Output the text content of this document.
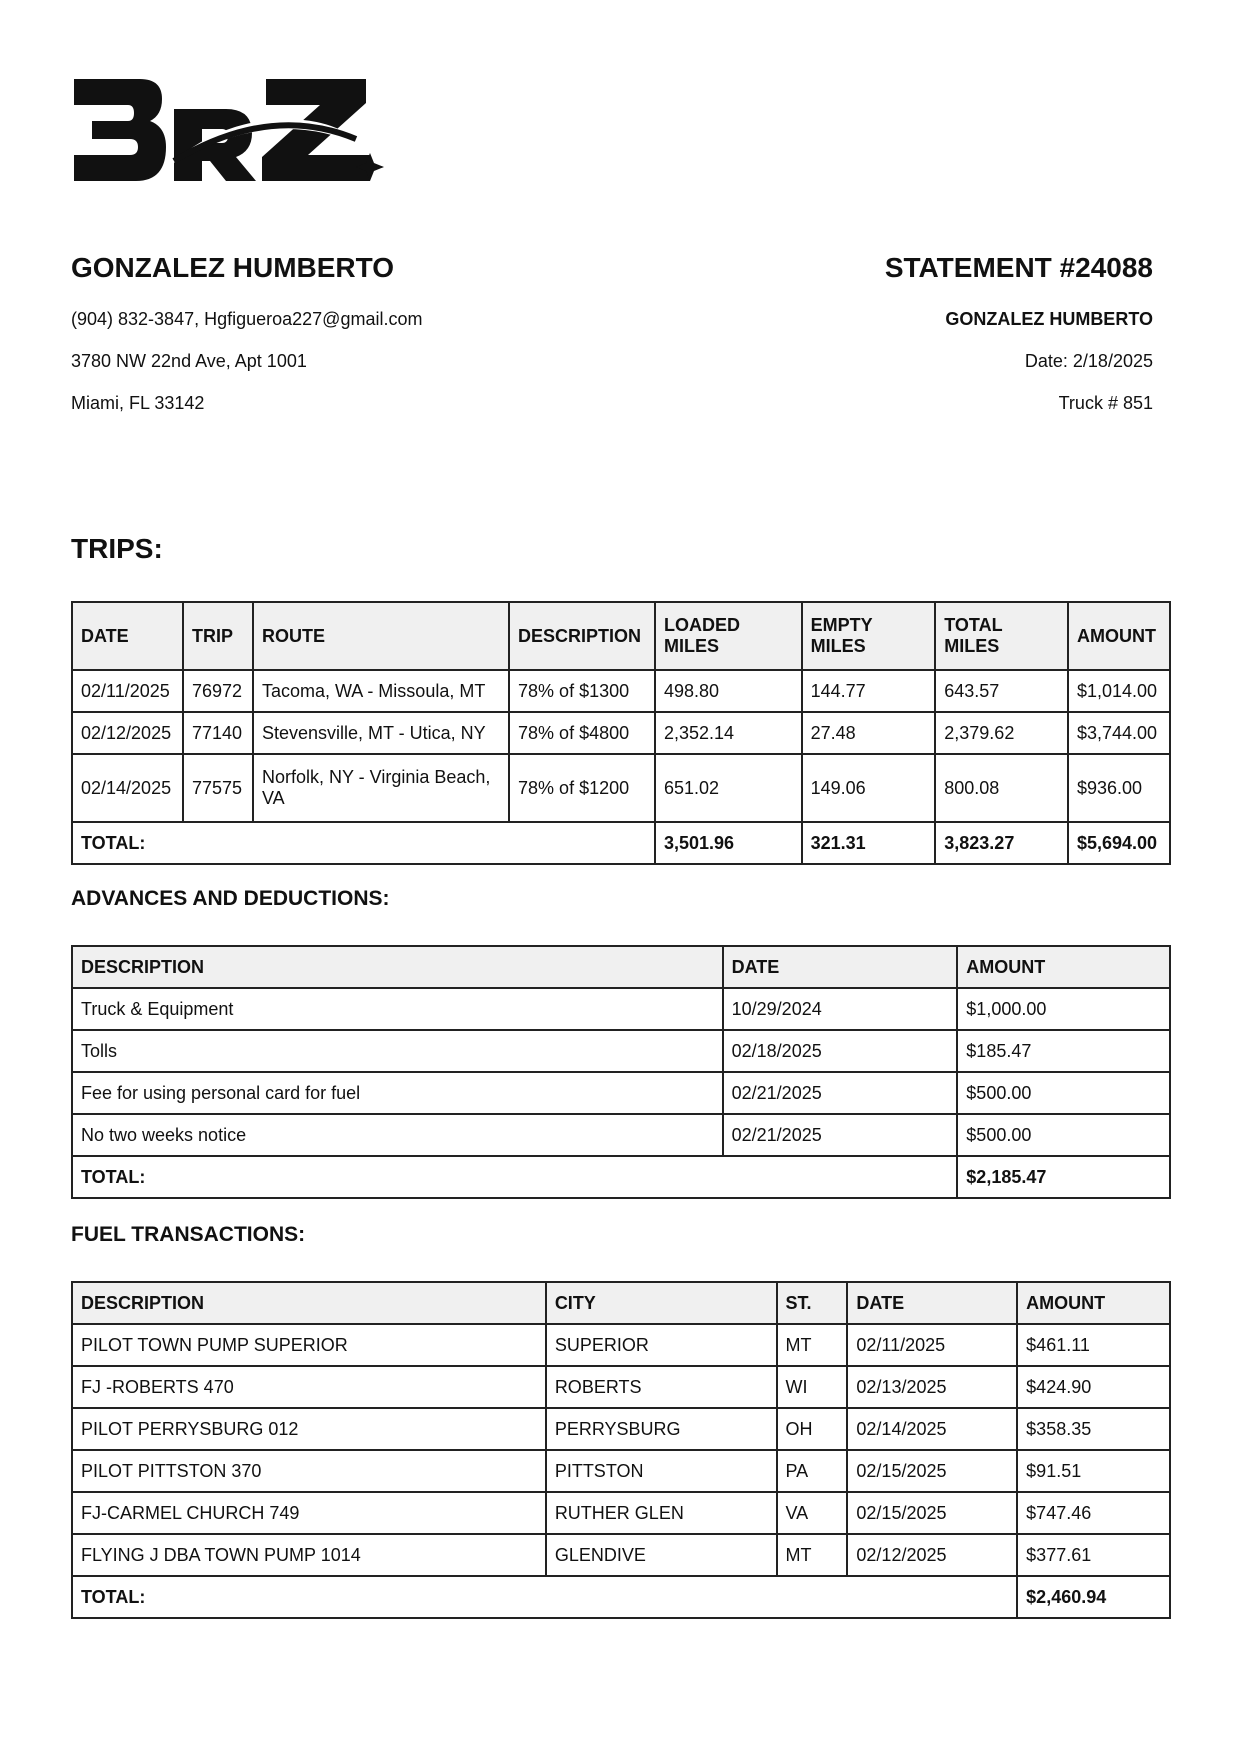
GONZALEZ HUMBERTO
(904) 832-3847, Hgfigueroa227@gmail.com
3780 NW 22nd Ave, Apt 1001
Miami, FL 33142
STATEMENT #24088
GONZALEZ HUMBERTO
Date: 2/18/2025
Truck # 851
TRIPS:
DATE	TRIP	ROUTE	DESCRIPTION	LOADED MILES	EMPTY MILES	TOTAL MILES	AMOUNT
02/11/2025	76972	Tacoma, WA - Missoula, MT	78% of $1300	498.80	144.77	643.57	$1,014.00
02/12/2025	77140	Stevensville, MT - Utica, NY	78% of $4800	2,352.14	27.48	2,379.62	$3,744.00
02/14/2025	77575	Norfolk, NY - Virginia Beach, VA	78% of $1200	651.02	149.06	800.08	$936.00
TOTAL:				3,501.96	321.31	3,823.27	$5,694.00
ADVANCES AND DEDUCTIONS:
DESCRIPTION	DATE	AMOUNT
Truck & Equipment	10/29/2024	$1,000.00
Tolls	02/18/2025	$185.47
Fee for using personal card for fuel	02/21/2025	$500.00
No two weeks notice	02/21/2025	$500.00
TOTAL:		$2,185.47
FUEL TRANSACTIONS:
DESCRIPTION	CITY	ST.	DATE	AMOUNT
PILOT TOWN PUMP SUPERIOR	SUPERIOR	MT	02/11/2025	$461.11
FJ -ROBERTS 470	ROBERTS	WI	02/13/2025	$424.90
PILOT PERRYSBURG 012	PERRYSBURG	OH	02/14/2025	$358.35
PILOT PITTSTON 370	PITTSTON	PA	02/15/2025	$91.51
FJ-CARMEL CHURCH 749	RUTHER GLEN	VA	02/15/2025	$747.46
FLYING J DBA TOWN PUMP 1014	GLENDIVE	MT	02/12/2025	$377.61
TOTAL:				$2,460.94
